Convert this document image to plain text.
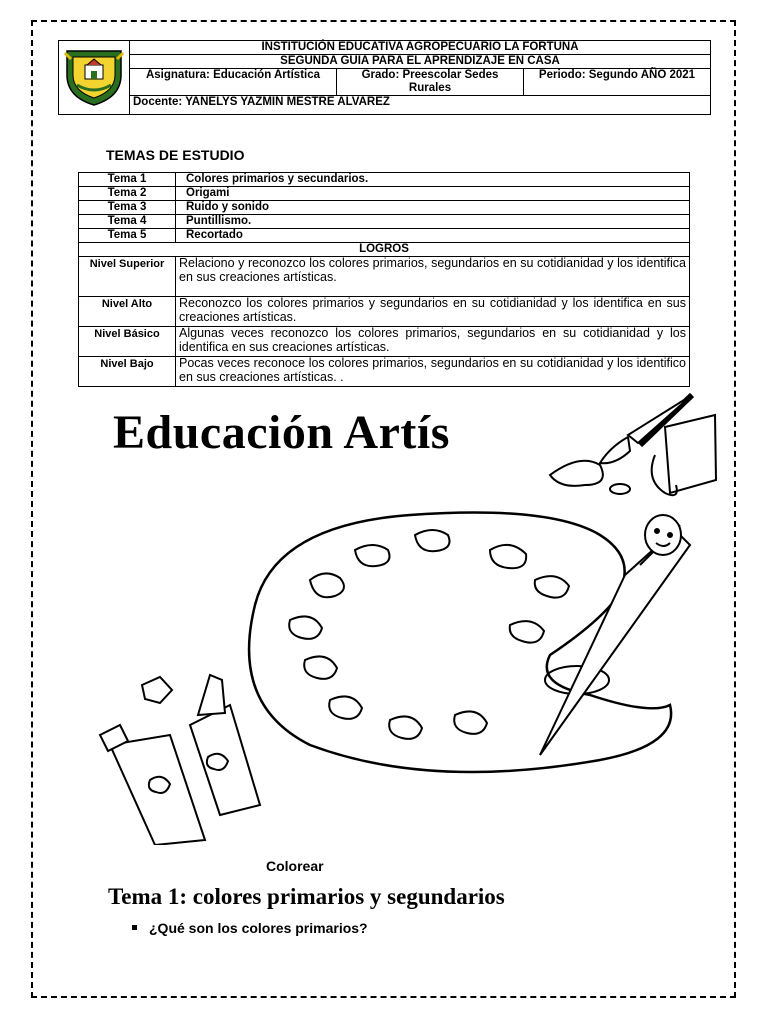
	INSTITUCIÓN EDUCATIVA AGROPECUARIO LA FORTUNA		
	SEGUNDA GUIA PARA EL APRENDIZAJE EN CASA		
	Asignatura: Educación Artística	Grado: Preescolar Sedes Rurales	Periodo: Segundo AÑO 2021
	Docente: YANELYS YAZMIN MESTRE ALVAREZ		
TEMAS DE ESTUDIO
Tema 1	Colores primarios y secundarios.
Tema 2	Origami
Tema 3	Ruido y sonido
Tema 4	Puntillismo.
Tema 5	Recortado
LOGROS	
Nivel Superior	Relaciono y reconozco los colores primarios, segundarios en su cotidianidad y los identifica en sus creaciones artísticas.
Nivel Alto	Reconozco los colores primarios y segundarios en su cotidianidad y los identifica en sus creaciones artísticas.
Nivel Básico	Algunas veces reconozco los colores primarios, segundarios en su cotidianidad y los identifica en sus creaciones artísticas.
Nivel Bajo	Pocas veces reconoce los colores primarios, segundarios en su cotidianidad y los identifico en sus creaciones artísticas. .
Educación Artís
Colorear
Tema 1: colores primarios y segundarios
¿Qué son los colores primarios?
